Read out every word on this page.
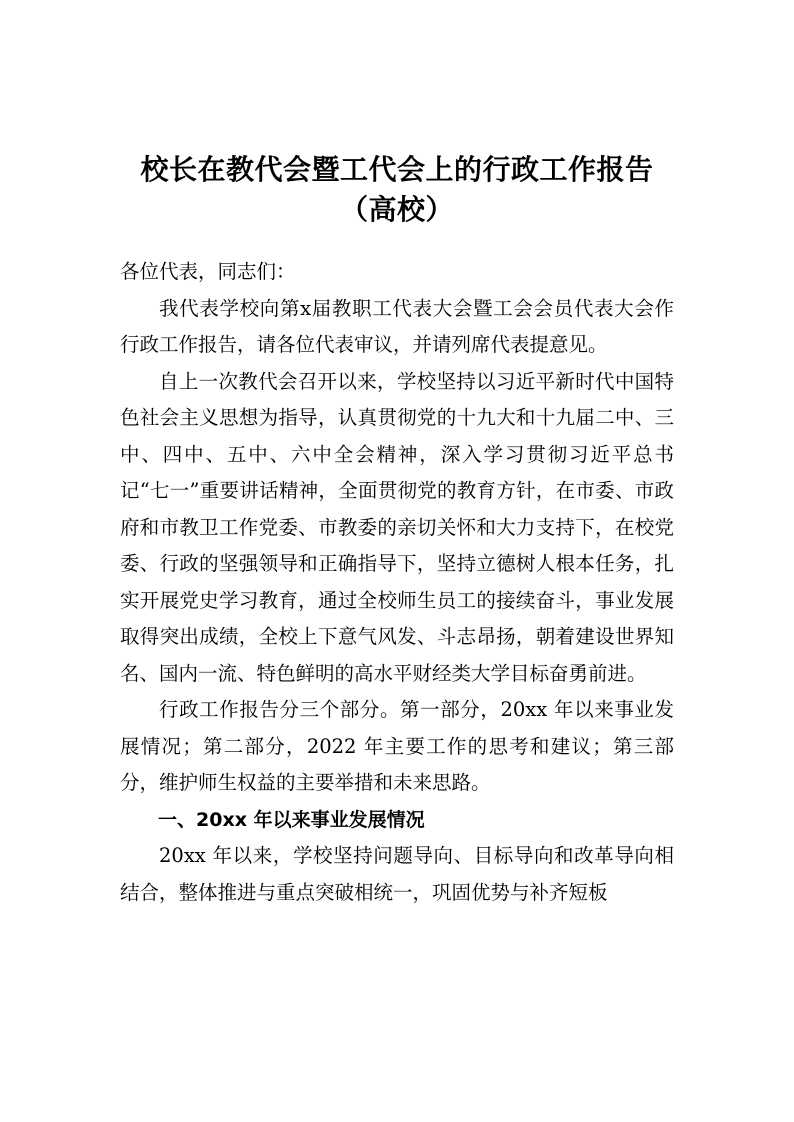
校长在教代会暨工代会上的行政工作报告
（高校）

各位代表，同志们：

我代表学校向第x届教职工代表大会暨工会会员代表大会作行政工作报告，请各位代表审议，并请列席代表提意见。

自上一次教代会召开以来，学校坚持以习近平新时代中国特色社会主义思想为指导，认真贯彻党的十九大和十九届二中、三中、四中、五中、六中全会精神，深入学习贯彻习近平总书记“七一”重要讲话精神，全面贯彻党的教育方针，在市委、市政府和市教卫工作党委、市教委的亲切关怀和大力支持下，在校党委、行政的坚强领导和正确指导下，坚持立德树人根本任务，扎实开展党史学习教育，通过全校师生员工的接续奋斗，事业发展取得突出成绩，全校上下意气风发、斗志昂扬，朝着建设世界知名、国内一流、特色鲜明的高水平财经类大学目标奋勇前进。

行政工作报告分三个部分。第一部分，20xx 年以来事业发展情况；第二部分，2022 年主要工作的思考和建议；第三部分，维护师生权益的主要举措和未来思路。

一、20xx 年以来事业发展情况

20xx 年以来，学校坚持问题导向、目标导向和改革导向相结合，整体推进与重点突破相统一，巩固优势与补齐短板
